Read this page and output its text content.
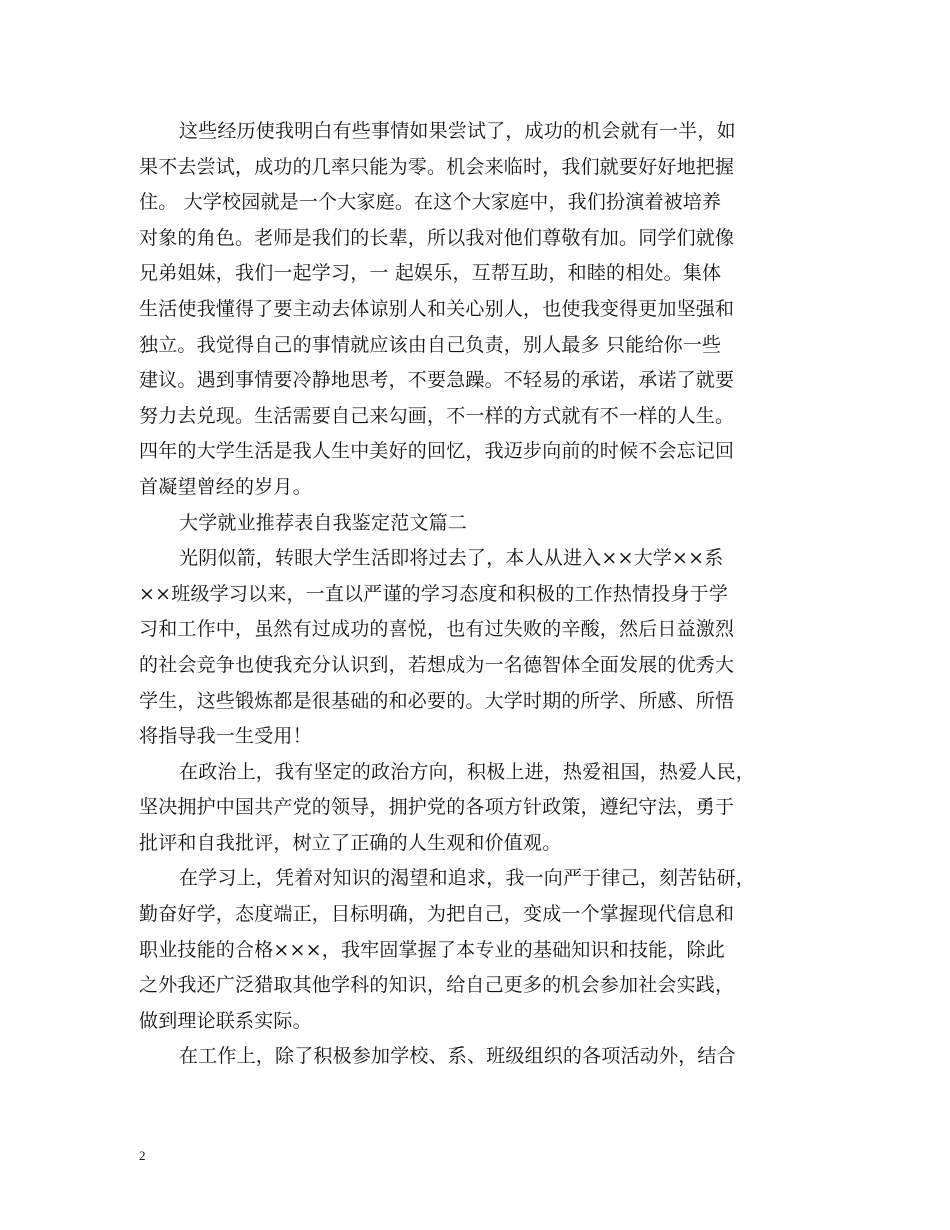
这些经历使我明白有些事情如果尝试了，成功的机会就有一半，如
果不去尝试，成功的几率只能为零。机会来临时，我们就要好好地把握
住。 大学校园就是一个大家庭。在这个大家庭中，我们扮演着被培养
对象的角色。老师是我们的长辈，所以我对他们尊敬有加。同学们就像
兄弟姐妹，我们一起学习，一 起娱乐，互帮互助，和睦的相处。集体
生活使我懂得了要主动去体谅别人和关心别人，也使我变得更加坚强和
独立。我觉得自己的事情就应该由自己负责，别人最多 只能给你一些
建议。遇到事情要冷静地思考，不要急躁。不轻易的承诺，承诺了就要
努力去兑现。生活需要自己来勾画，不一样的方式就有不一样的人生。
四年的大学生活是我人生中美好的回忆，我迈步向前的时候不会忘记回
首凝望曾经的岁月。
大学就业推荐表自我鉴定范文篇二
光阴似箭，转眼大学生活即将过去了，本人从进入××大学××系
××班级学习以来，一直以严谨的学习态度和积极的工作热情投身于学
习和工作中，虽然有过成功的喜悦，也有过失败的辛酸，然后日益激烈
的社会竞争也使我充分认识到，若想成为一名德智体全面发展的优秀大
学生，这些锻炼都是很基础的和必要的。大学时期的所学、所感、所悟
将指导我一生受用！
在政治上，我有坚定的政治方向，积极上进，热爱祖国，热爱人民，
坚决拥护中国共产党的领导，拥护党的各项方针政策，遵纪守法，勇于
批评和自我批评，树立了正确的人生观和价值观。
在学习上，凭着对知识的渴望和追求，我一向严于律己，刻苦钻研，
勤奋好学，态度端正，目标明确，为把自己，变成一个掌握现代信息和
职业技能的合格×××，我牢固掌握了本专业的基础知识和技能，除此
之外我还广泛猎取其他学科的知识，给自己更多的机会参加社会实践，
做到理论联系实际。
在工作上，除了积极参加学校、系、班级组织的各项活动外，结合
2
